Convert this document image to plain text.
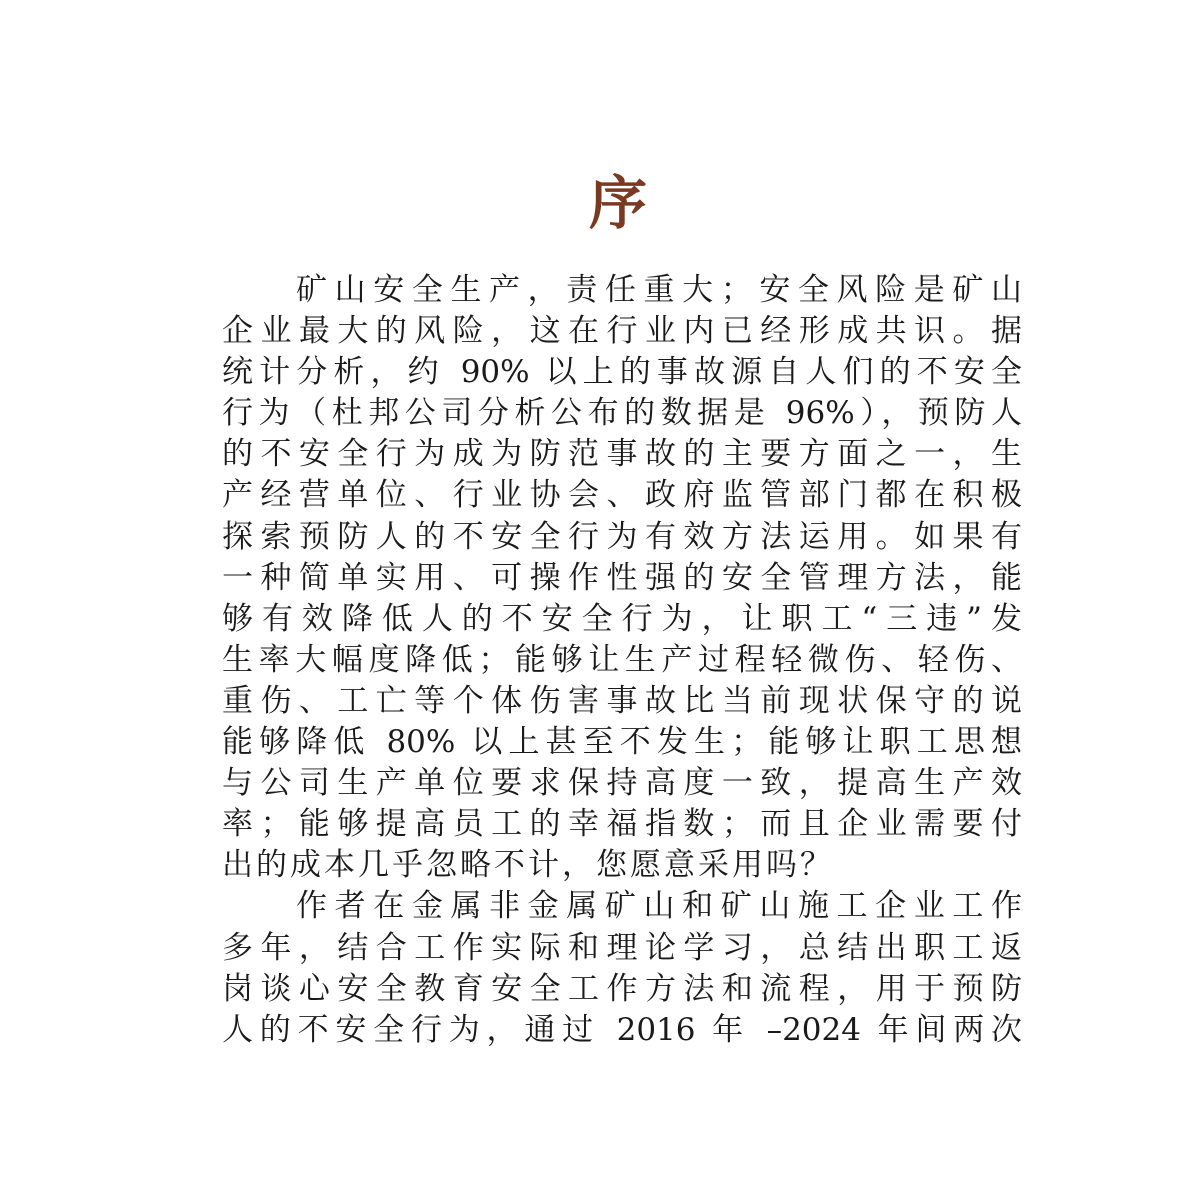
序
矿山安全生产，责任重大；安全风险是矿山
企业最大的风险，这在行业内已经形成共识。据
统计分析，约 90% 以上的事故源自人们的不安全
行为（杜邦公司分析公布的数据是 96%），预防人
的不安全行为成为防范事故的主要方面之一，生
产经营单位、行业协会、政府监管部门都在积极
探索预防人的不安全行为有效方法运用。如果有
一种简单实用、可操作性强的安全管理方法，能
够有效降低人的不安全行为，让职工“三违”发
生率大幅度降低；能够让生产过程轻微伤、轻伤、
重伤、工亡等个体伤害事故比当前现状保守的说
能够降低 80% 以上甚至不发生；能够让职工思想
与公司生产单位要求保持高度一致，提高生产效
率；能够提高员工的幸福指数；而且企业需要付
出的成本几乎忽略不计，您愿意采用吗？
作者在金属非金属矿山和矿山施工企业工作
多年，结合工作实际和理论学习，总结出职工返
岗谈心安全教育安全工作方法和流程，用于预防
人的不安全行为，通过 2016 年 –2024 年间两次
